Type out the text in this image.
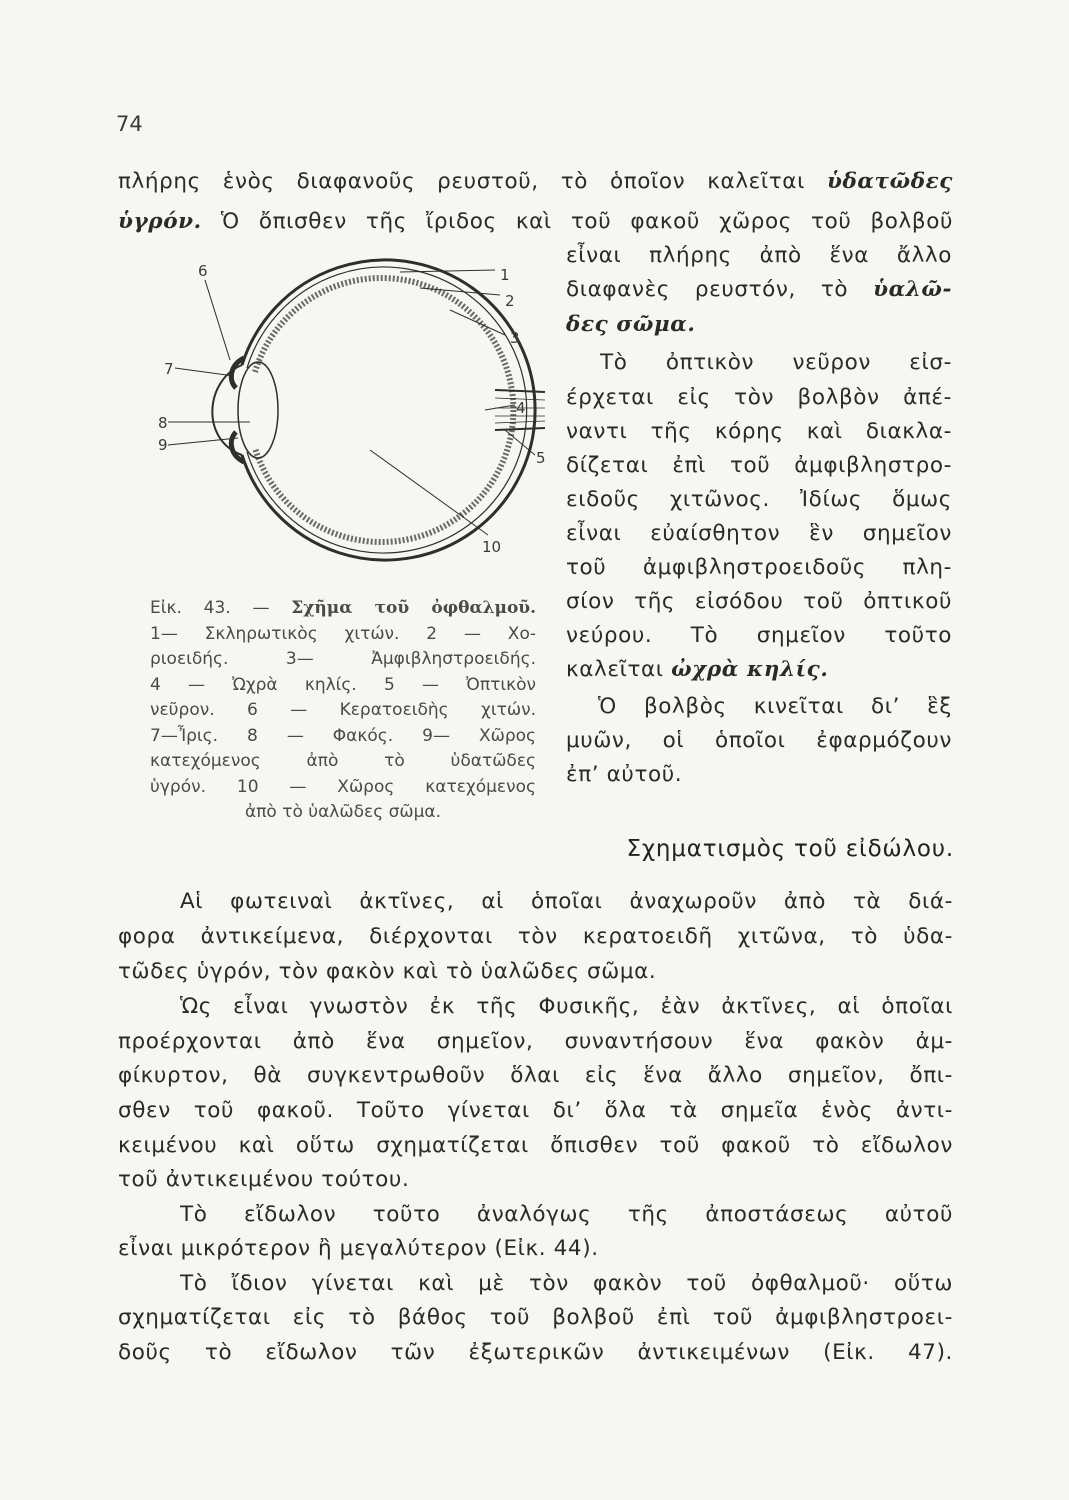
74
πλήρης ἑνὸς διαφανοῦς ρευστοῦ, τὸ ὁποῖον καλεῖται ὑδατῶδες
ὑγρόν. Ὁ ὄπισθεν τῆς ἴριδος καὶ τοῦ φακοῦ χῶρος τοῦ βολβοῦ
εἶναι πλήρης ἀπὸ ἕνα ἄλλο
διαφανὲς ρευστόν, τὸ ὑαλῶ-
δες σῶμα.
Τὸ ὀπτικὸν νεῦρον εἰσ-
έρχεται εἰς τὸν βολβὸν ἀπέ-
ναντι τῆς κόρης καὶ διακλα-
δίζεται ἐπὶ τοῦ ἀμφιβληστρο-
ειδοῦς χιτῶνος. Ἰδίως ὅμως
εἶναι εὐαίσθητον ἓν σημεῖον
τοῦ ἀμφιβληστροειδοῦς πλη-
σίον τῆς εἰσόδου τοῦ ὀπτικοῦ
νεύρου. Τὸ σημεῖον τοῦτο
καλεῖται ὠχρὰ κηλίς.
Ὁ βολβὸς κινεῖται δι’ ἓξ
μυῶν, οἱ ὁποῖοι ἐφαρμόζουν
ἐπ’ αὐτοῦ.
1
2
3
4
5
6
7
8
9
10
Εἰκ. 43. — Σχῆμα τοῦ ὀφθαλμοῦ.
1— Σκληρωτικὸς χιτών. 2 — Χο-
ριοειδής. 3— Ἀμφιβληστροειδής.
4 — Ὠχρὰ κηλίς. 5 — Ὀπτικὸν
νεῦρον. 6 — Κερατοειδὴς χιτών.
7—Ἶρις. 8 — Φακός. 9— Χῶρος
κατεχόμενος ἀπὸ τὸ ὑδατῶδες
ὑγρόν. 10 — Χῶρος κατεχόμενος
ἀπὸ τὸ ὑαλῶδες σῶμα.
Σχηματισμὸς τοῦ εἰδώλου.
Αἱ φωτειναὶ ἀκτῖνες, αἱ ὁποῖαι ἀναχωροῦν ἀπὸ τὰ διά-
φορα ἀντικείμενα, διέρχονται τὸν κερατοειδῆ χιτῶνα, τὸ ὑδα-
τῶδες ὑγρόν, τὸν φακὸν καὶ τὸ ὑαλῶδες σῶμα.
Ὡς εἶναι γνωστὸν ἐκ τῆς Φυσικῆς, ἐὰν ἀκτῖνες, αἱ ὁποῖαι
προέρχονται ἀπὸ ἕνα σημεῖον, συναντήσουν ἕνα φακὸν ἀμ-
φίκυρτον, θὰ συγκεντρωθοῦν ὅλαι εἰς ἕνα ἄλλο σημεῖον, ὄπι-
σθεν τοῦ φακοῦ. Τοῦτο γίνεται δι’ ὅλα τὰ σημεῖα ἑνὸς ἀντι-
κειμένου καὶ οὕτω σχηματίζεται ὄπισθεν τοῦ φακοῦ τὸ εἴδωλον
τοῦ ἀντικειμένου τούτου.
Τὸ εἴδωλον τοῦτο ἀναλόγως τῆς ἀποστάσεως αὐτοῦ
εἶναι μικρότερον ἢ μεγαλύτερον (Εἰκ. 44).
Τὸ ἴδιον γίνεται καὶ μὲ τὸν φακὸν τοῦ ὀφθαλμοῦ· οὕτω
σχηματίζεται εἰς τὸ βάθος τοῦ βολβοῦ ἐπὶ τοῦ ἀμφιβληστροει-
δοῦς τὸ εἴδωλον τῶν ἐξωτερικῶν ἀντικειμένων (Εἰκ. 47).
